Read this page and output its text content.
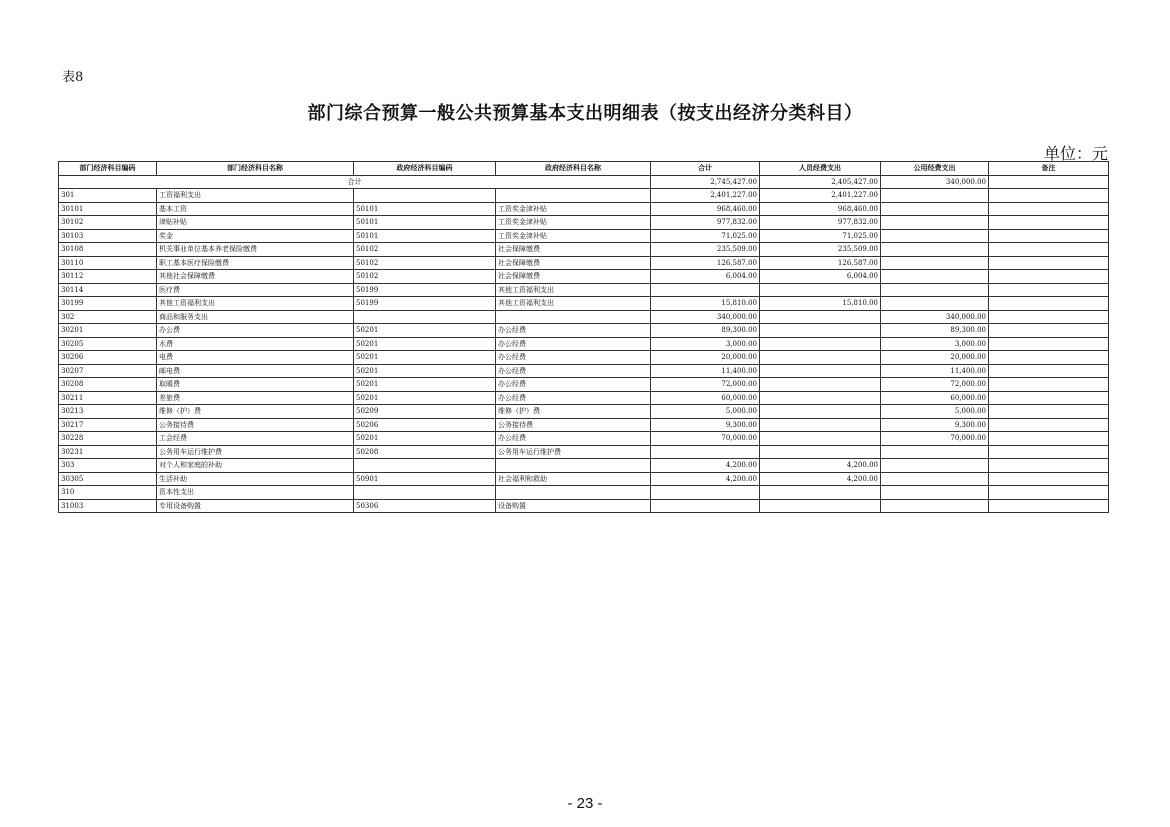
表8
部门综合预算一般公共预算基本支出明细表（按支出经济分类科目）
单位：元
部门经济科目编码	部门经济科目名称	政府经济科目编码	政府经济科目名称	合计	人员经费支出	公用经费支出	备注
合计				2,745,427.00	2,405,427.00	340,000.00	
301	工资福利支出			2,401,227.00	2,401,227.00		
30101	基本工资	50101	工资奖金津补贴	968,460.00	968,460.00		
30102	津贴补贴	50101	工资奖金津补贴	977,832.00	977,832.00		
30103	奖金	50101	工资奖金津补贴	71,025.00	71,025.00		
30108	机关事业单位基本养老保险缴费	50102	社会保障缴费	235,509.00	235,509.00		
30110	职工基本医疗保险缴费	50102	社会保障缴费	126,587.00	126,587.00		
30112	其他社会保障缴费	50102	社会保障缴费	6,004.00	6,004.00		
30114	医疗费	50199	其他工资福利支出				
30199	其他工资福利支出	50199	其他工资福利支出	15,810.00	15,810.00		
302	商品和服务支出			340,000.00		340,000.00	
30201	办公费	50201	办公经费	89,300.00		89,300.00	
30205	水费	50201	办公经费	3,000.00		3,000.00	
30206	电费	50201	办公经费	20,000.00		20,000.00	
30207	邮电费	50201	办公经费	11,400.00		11,400.00	
30208	取暖费	50201	办公经费	72,000.00		72,000.00	
30211	差旅费	50201	办公经费	60,000.00		60,000.00	
30213	维修（护）费	50209	维修（护）费	5,000.00		5,000.00	
30217	公务接待费	50206	公务接待费	9,300.00		9,300.00	
30228	工会经费	50201	办公经费	70,000.00		70,000.00	
30231	公务用车运行维护费	50208	公务用车运行维护费				
303	对个人和家庭的补助			4,200.00	4,200.00		
30305	生活补助	50901	社会福利和救助	4,200.00	4,200.00		
310	资本性支出						
31003	专用设备购置	50306	设备购置				
- 23 -
